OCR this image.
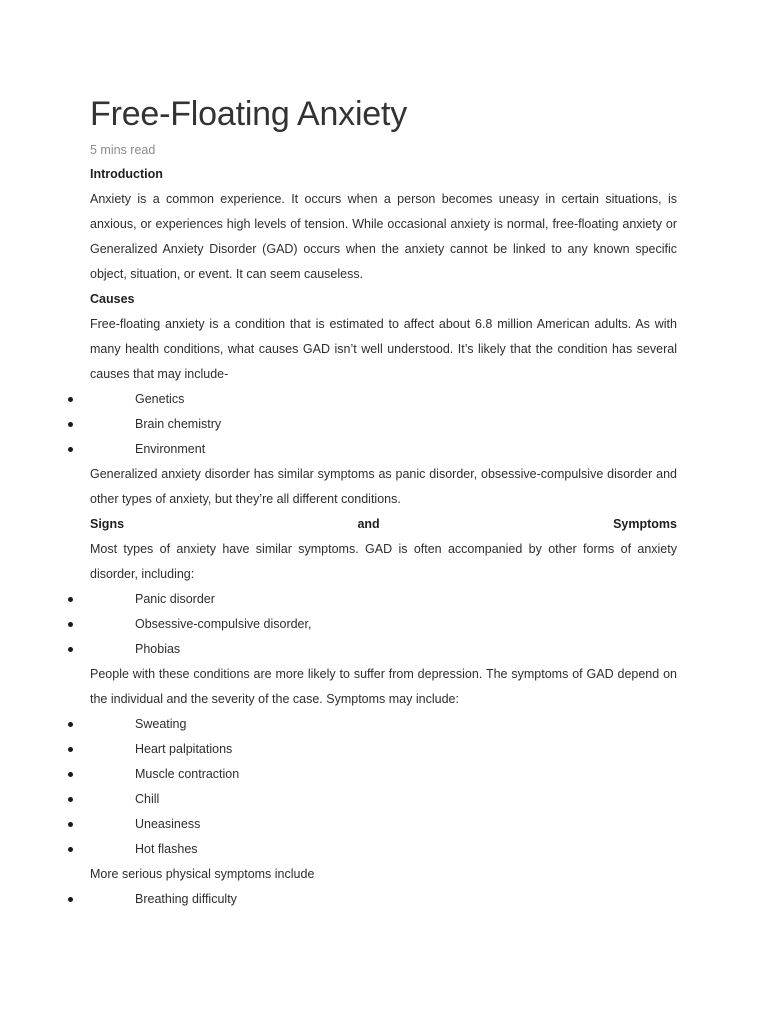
Free-Floating Anxiety
5 mins read
Introduction
Anxiety is a common experience. It occurs when a person becomes uneasy in certain situations, is anxious, or experiences high levels of tension. While occasional anxiety is normal, free-floating anxiety or Generalized Anxiety Disorder (GAD) occurs when the anxiety cannot be linked to any known specific object, situation, or event. It can seem causeless.
Causes
Free-floating anxiety is a condition that is estimated to affect about 6.8 million American adults. As with many health conditions, what causes GAD isn’t well understood. It’s likely that the condition has several causes that may include-
Genetics
Brain chemistry
Environment
Generalized anxiety disorder has similar symptoms as panic disorder, obsessive-compulsive disorder and other types of anxiety, but they’re all different conditions.
Signs	and	Symptoms
Most types of anxiety have similar symptoms. GAD is often accompanied by other forms of anxiety disorder, including:
Panic disorder
Obsessive-compulsive disorder,
Phobias
People with these conditions are more likely to suffer from depression. The symptoms of GAD depend on the individual and the severity of the case. Symptoms may include:
Sweating
Heart palpitations
Muscle contraction
Chill
Uneasiness
Hot flashes
More serious physical symptoms include
Breathing difficulty
